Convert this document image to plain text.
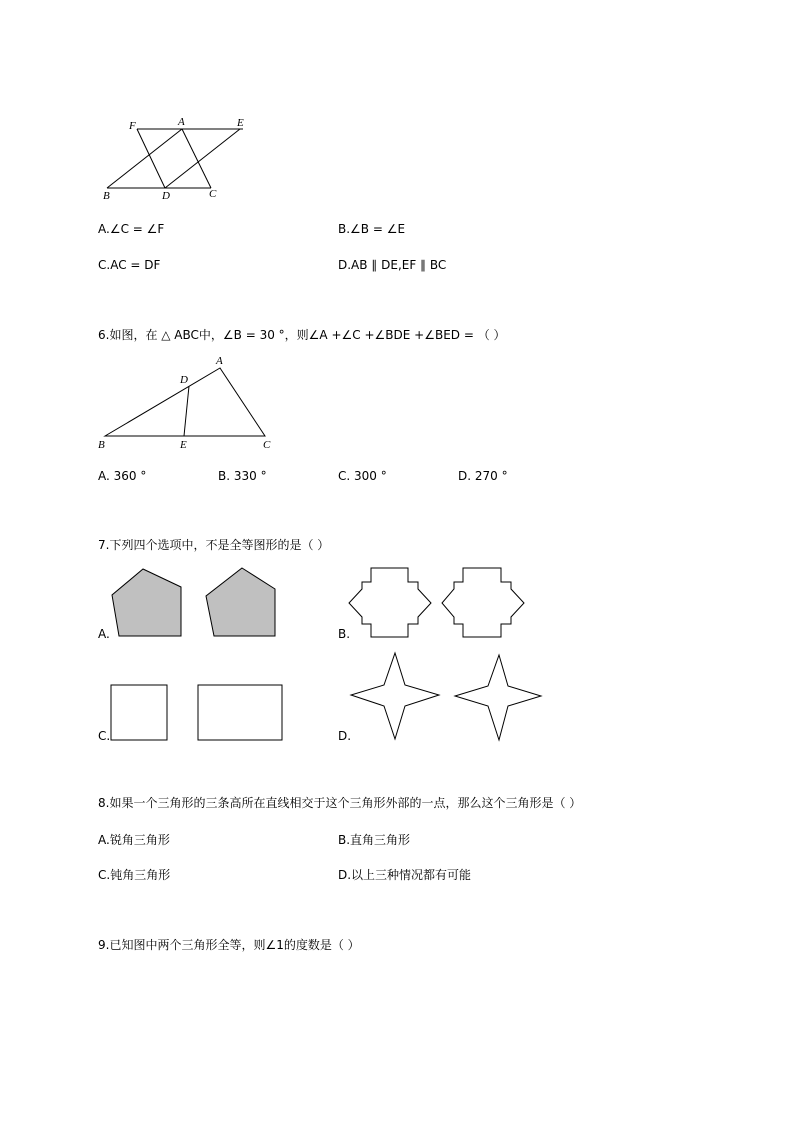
F	A	E
B	D	C
A.∠C = ∠F	B.∠B = ∠E
C.AC = DF	D.AB ∥ DE,EF ∥ BC
6.如图，在 △ ABC中，∠B = 30 °，则∠A +∠C +∠BDE +∠BED = （ ）
A
D
B	E	C
A. 360 °	B. 330 °	C. 300 °	D. 270 °
7.下列四个选项中，不是全等图形的是（ ）
A.	B.
C.	D.
8.如果一个三角形的三条高所在直线相交于这个三角形外部的一点，那么这个三角形是（ ）
A.锐角三角形	B.直角三角形
C.钝角三角形	D.以上三种情况都有可能
9.已知图中两个三角形全等，则∠1的度数是（ ）
